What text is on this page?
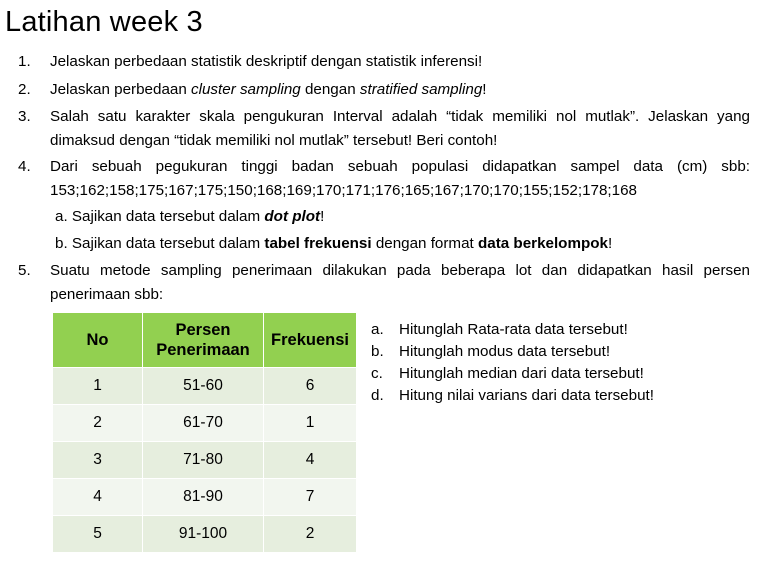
Latihan week 3
1.	Jelaskan perbedaan statistik deskriptif dengan statistik inferensi!
2.	Jelaskan perbedaan cluster sampling dengan stratified sampling!
3.	Salah satu karakter skala pengukuran Interval adalah “tidak memiliki nol mutlak”. Jelaskan yang dimaksud dengan “tidak memiliki nol mutlak” tersebut! Beri contoh!
4.	Dari sebuah pegukuran tinggi badan sebuah populasi didapatkan sampel data (cm) sbb:
153;162;158;175;167;175;150;168;169;170;171;176;165;167;170;170;155;152;178;168
a. Sajikan data tersebut dalam dot plot!
b. Sajikan data tersebut dalam tabel frekuensi dengan format data berkelompok!
5.	Suatu metode sampling penerimaan dilakukan pada beberapa lot dan didapatkan hasil persen penerimaan sbb:
No	Persen Penerimaan	Frekuensi
1	51-60	6
2	61-70	1
3	71-80	4
4	81-90	7
5	91-100	2
a.	Hitunglah Rata-rata data tersebut!
b.	Hitunglah modus data tersebut!
c.	Hitunglah median dari data tersebut!
d.	Hitung nilai varians dari data tersebut!
